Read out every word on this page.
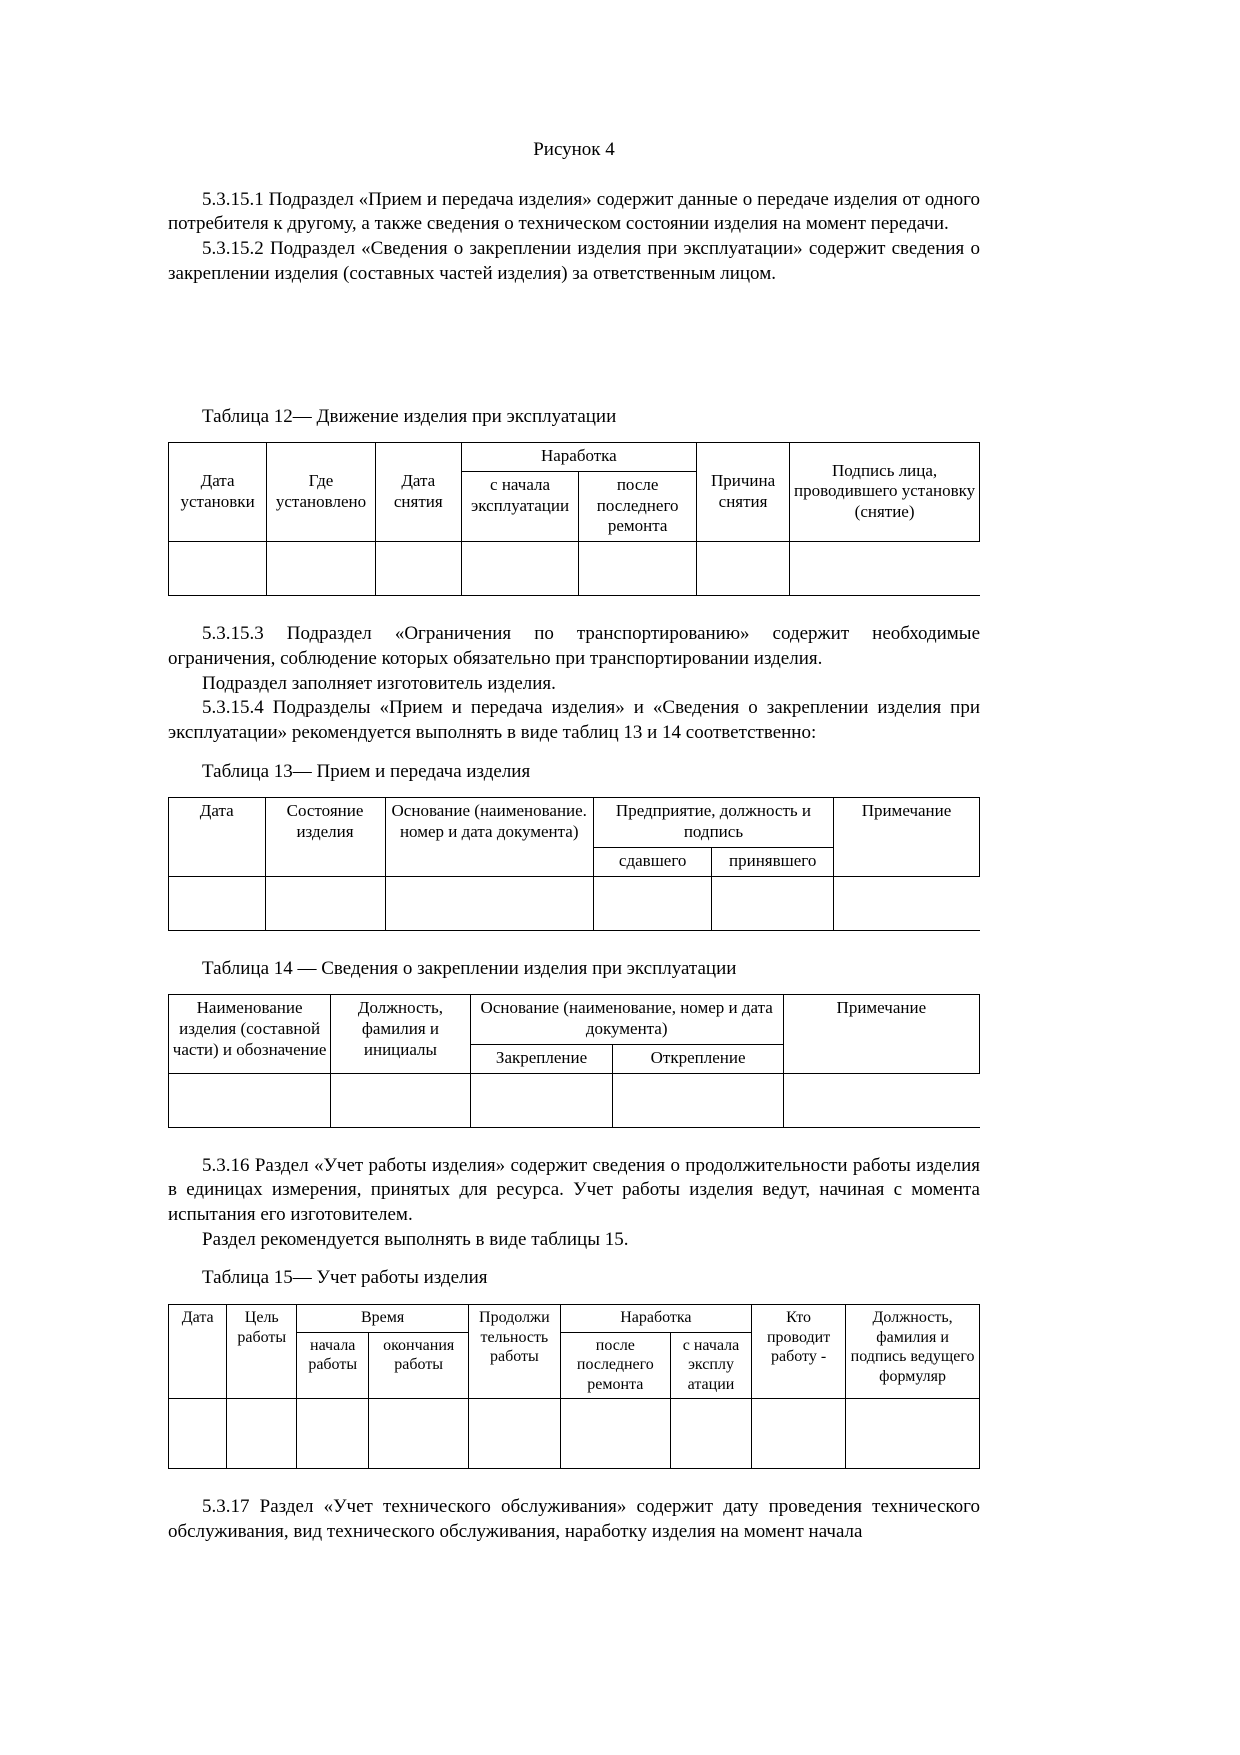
Рисунок 4

5.3.15.1 Подраздел «Прием и передача изделия» содержит данные о передаче изделия от одного потребителя к другому, а также сведения о техническом состоянии изделия на момент передачи.

5.3.15.2 Подраздел «Сведения о закреплении изделия при эксплуатации» содержит сведения о закреплении изделия (составных частей изделия) за ответственным лицом.

Таблица 12— Движение изделия при эксплуатации
Дата установки	Где установлено	Дата снятия	Наработка		Причина снятия	Подпись лица, проводившего установку (снятие)
			с начала эксплуатации	после последнего ремонта		

5.3.15.3 Подраздел «Ограничения по транспортированию» содержит необходимые ограничения, соблюдение которых обязательно при транспортировании изделия.

Подраздел заполняет изготовитель изделия.

5.3.15.4 Подразделы «Прием и передача изделия» и «Сведения о закреплении изделия при эксплуатации» рекомендуется выполнять в виде таблиц 13 и 14 соответственно:

Таблица 13— Прием и передача изделия
Дата	Состояние изделия	Основание (наименование.
номер и дата документа)	Предприятие, должность и подпись		Примечание
			сдавшего	принявшего	

Таблица 14 — Сведения о закреплении изделия при эксплуатации
Наименование изделия (составной части) и обозначение	Должность, фамилия и инициалы	Основание (наименование, номер и дата документа)		Примечание
		Закрепление	Открепление	

5.3.16 Раздел «Учет работы изделия» содержит сведения о продолжительности работы изделия в единицах измерения, принятых для ресурса. Учет работы изделия ведут, начиная с момента испытания его изготовителем.

Раздел рекомендуется выполнять в виде таблицы 15.

Таблица 15— Учет работы изделия
Дата	Цель работы	Время		Продолжи тельность работы	Наработка		Кто проводит работу -	Должность, фамилия и подпись ведущего формуляр
		начала работы	окончания работы		после последнего ремонта	с начала эксплу атации		

5.3.17 Раздел «Учет технического обслуживания» содержит дату проведения технического обслуживания, вид технического обслуживания, наработку изделия на момент начала
